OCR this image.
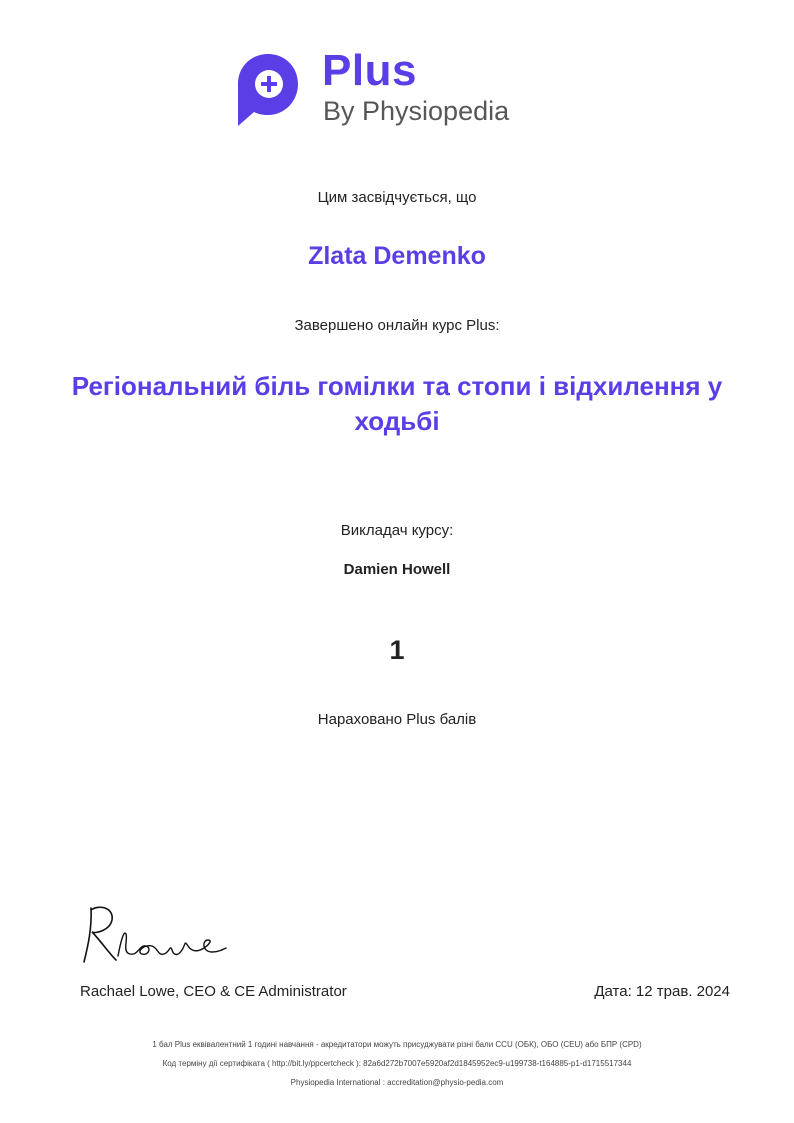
Plus
By Physiopedia
Цим засвідчується, що
Zlata Demenko
Завершено онлайн курс Plus:
Регіональний біль гомілки та стопи і відхилення у ходьбі
Викладач курсу:
Damien Howell
1
Нараховано Plus балів
Rachael Lowe, CEO & CE Administrator	Дата: 12 трав. 2024
1 бал Plus еквівалентний 1 годині навчання - акредитатори можуть присуджувати різні бали CCU (ОБК), OБО (CEU) або БПР (CPD)
Код терміну дії сертифіката ( http://bit.ly/ppcertcheck ): 82a6d272b7007e5920af2d1845952ec9-u199738-t164885-p1-d1715517344
Physiopedia International : accreditation@physio-pedia.com
